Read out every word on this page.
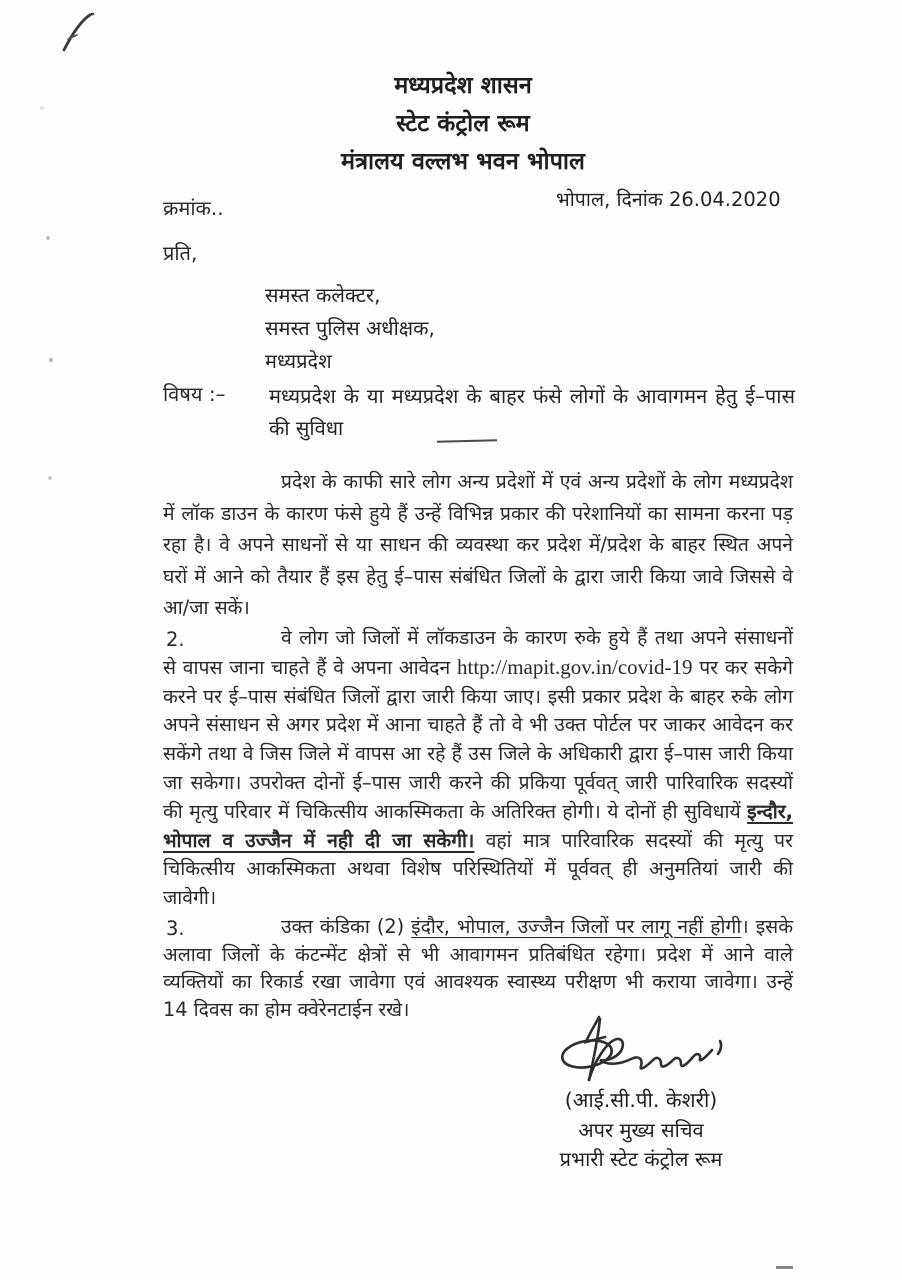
मध्यप्रदेश शासन
स्टेट कंट्रोल रूम
मंत्रालय वल्लभ भवन भोपाल
क्रमांक..	भोपाल, दिनांक 26.04.2020
प्रति,
समस्त कलेक्टर,
समस्त पुलिस अधीक्षक,
मध्यप्रदेश
विषय :–	मध्यप्रदेश के या मध्यप्रदेश के बाहर फंसे लोगों के आवागमन हेतु ई–पास की सुविधा
प्रदेश के काफी सारे लोग अन्य प्रदेशों में एवं अन्य प्रदेशों के लोग मध्यप्रदेश में लॉक डाउन के कारण फंसे हुये हैं उन्हें विभिन्न प्रकार की परेशानियों का सामना करना पड़ रहा है। वे अपने साधनों से या साधन की व्यवस्था कर प्रदेश में/प्रदेश के बाहर स्थित अपने घरों में आने को तैयार हैं इस हेतु ई–पास संबंधित जिलों के द्वारा जारी किया जावे जिससे वे आ/जा सकें।
2.	वे लोग जो जिलों में लॉकडाउन के कारण रुके हुये हैं तथा अपने संसाधनों से वापस जाना चाहते हैं वे अपना आवेदन http://mapit.gov.in/covid-19 पर कर सकेगे करने पर ई–पास संबंधित जिलों द्वारा जारी किया जाए। इसी प्रकार प्रदेश के बाहर रुके लोग अपने संसाधन से अगर प्रदेश में आना चाहते हैं तो वे भी उक्त पोर्टल पर जाकर आवेदन कर सकेंगे तथा वे जिस जिले में वापस आ रहे हैं उस जिले के अधिकारी द्वारा ई–पास जारी किया जा सकेगा। उपरोक्त दोनों ई–पास जारी करने की प्रकिया पूर्ववत् जारी पारिवारिक सदस्यों की मृत्यु परिवार में चिकित्सीय आकस्मिकता के अतिरिक्त होगी। ये दोनों ही सुविधायें इन्दौर, भोपाल व उज्जैन में नही दी जा सकेगी। वहां मात्र पारिवारिक सदस्यों की मृत्यु पर चिकित्सीय आकस्मिकता अथवा विशेष परिस्थितियों में पूर्ववत् ही अनुमतियां जारी की जावेगी।
3.	उक्त कंडिका (2) इंदौर, भोपाल, उज्जैन जिलों पर लागू नहीं होगी। इसके अलावा जिलों के कंटन्मेंट क्षेत्रों से भी आवागमन प्रतिबंधित रहेगा। प्रदेश में आने वाले व्यक्तियों का रिकार्ड रखा जावेगा एवं आवश्यक स्वास्थ्य परीक्षण भी कराया जावेगा। उन्हें 14 दिवस का होम क्वेरेनटाईन रखे।
(आई.सी.पी. केशरी)
अपर मुख्य सचिव
प्रभारी स्टेट कंट्रोल रूम
